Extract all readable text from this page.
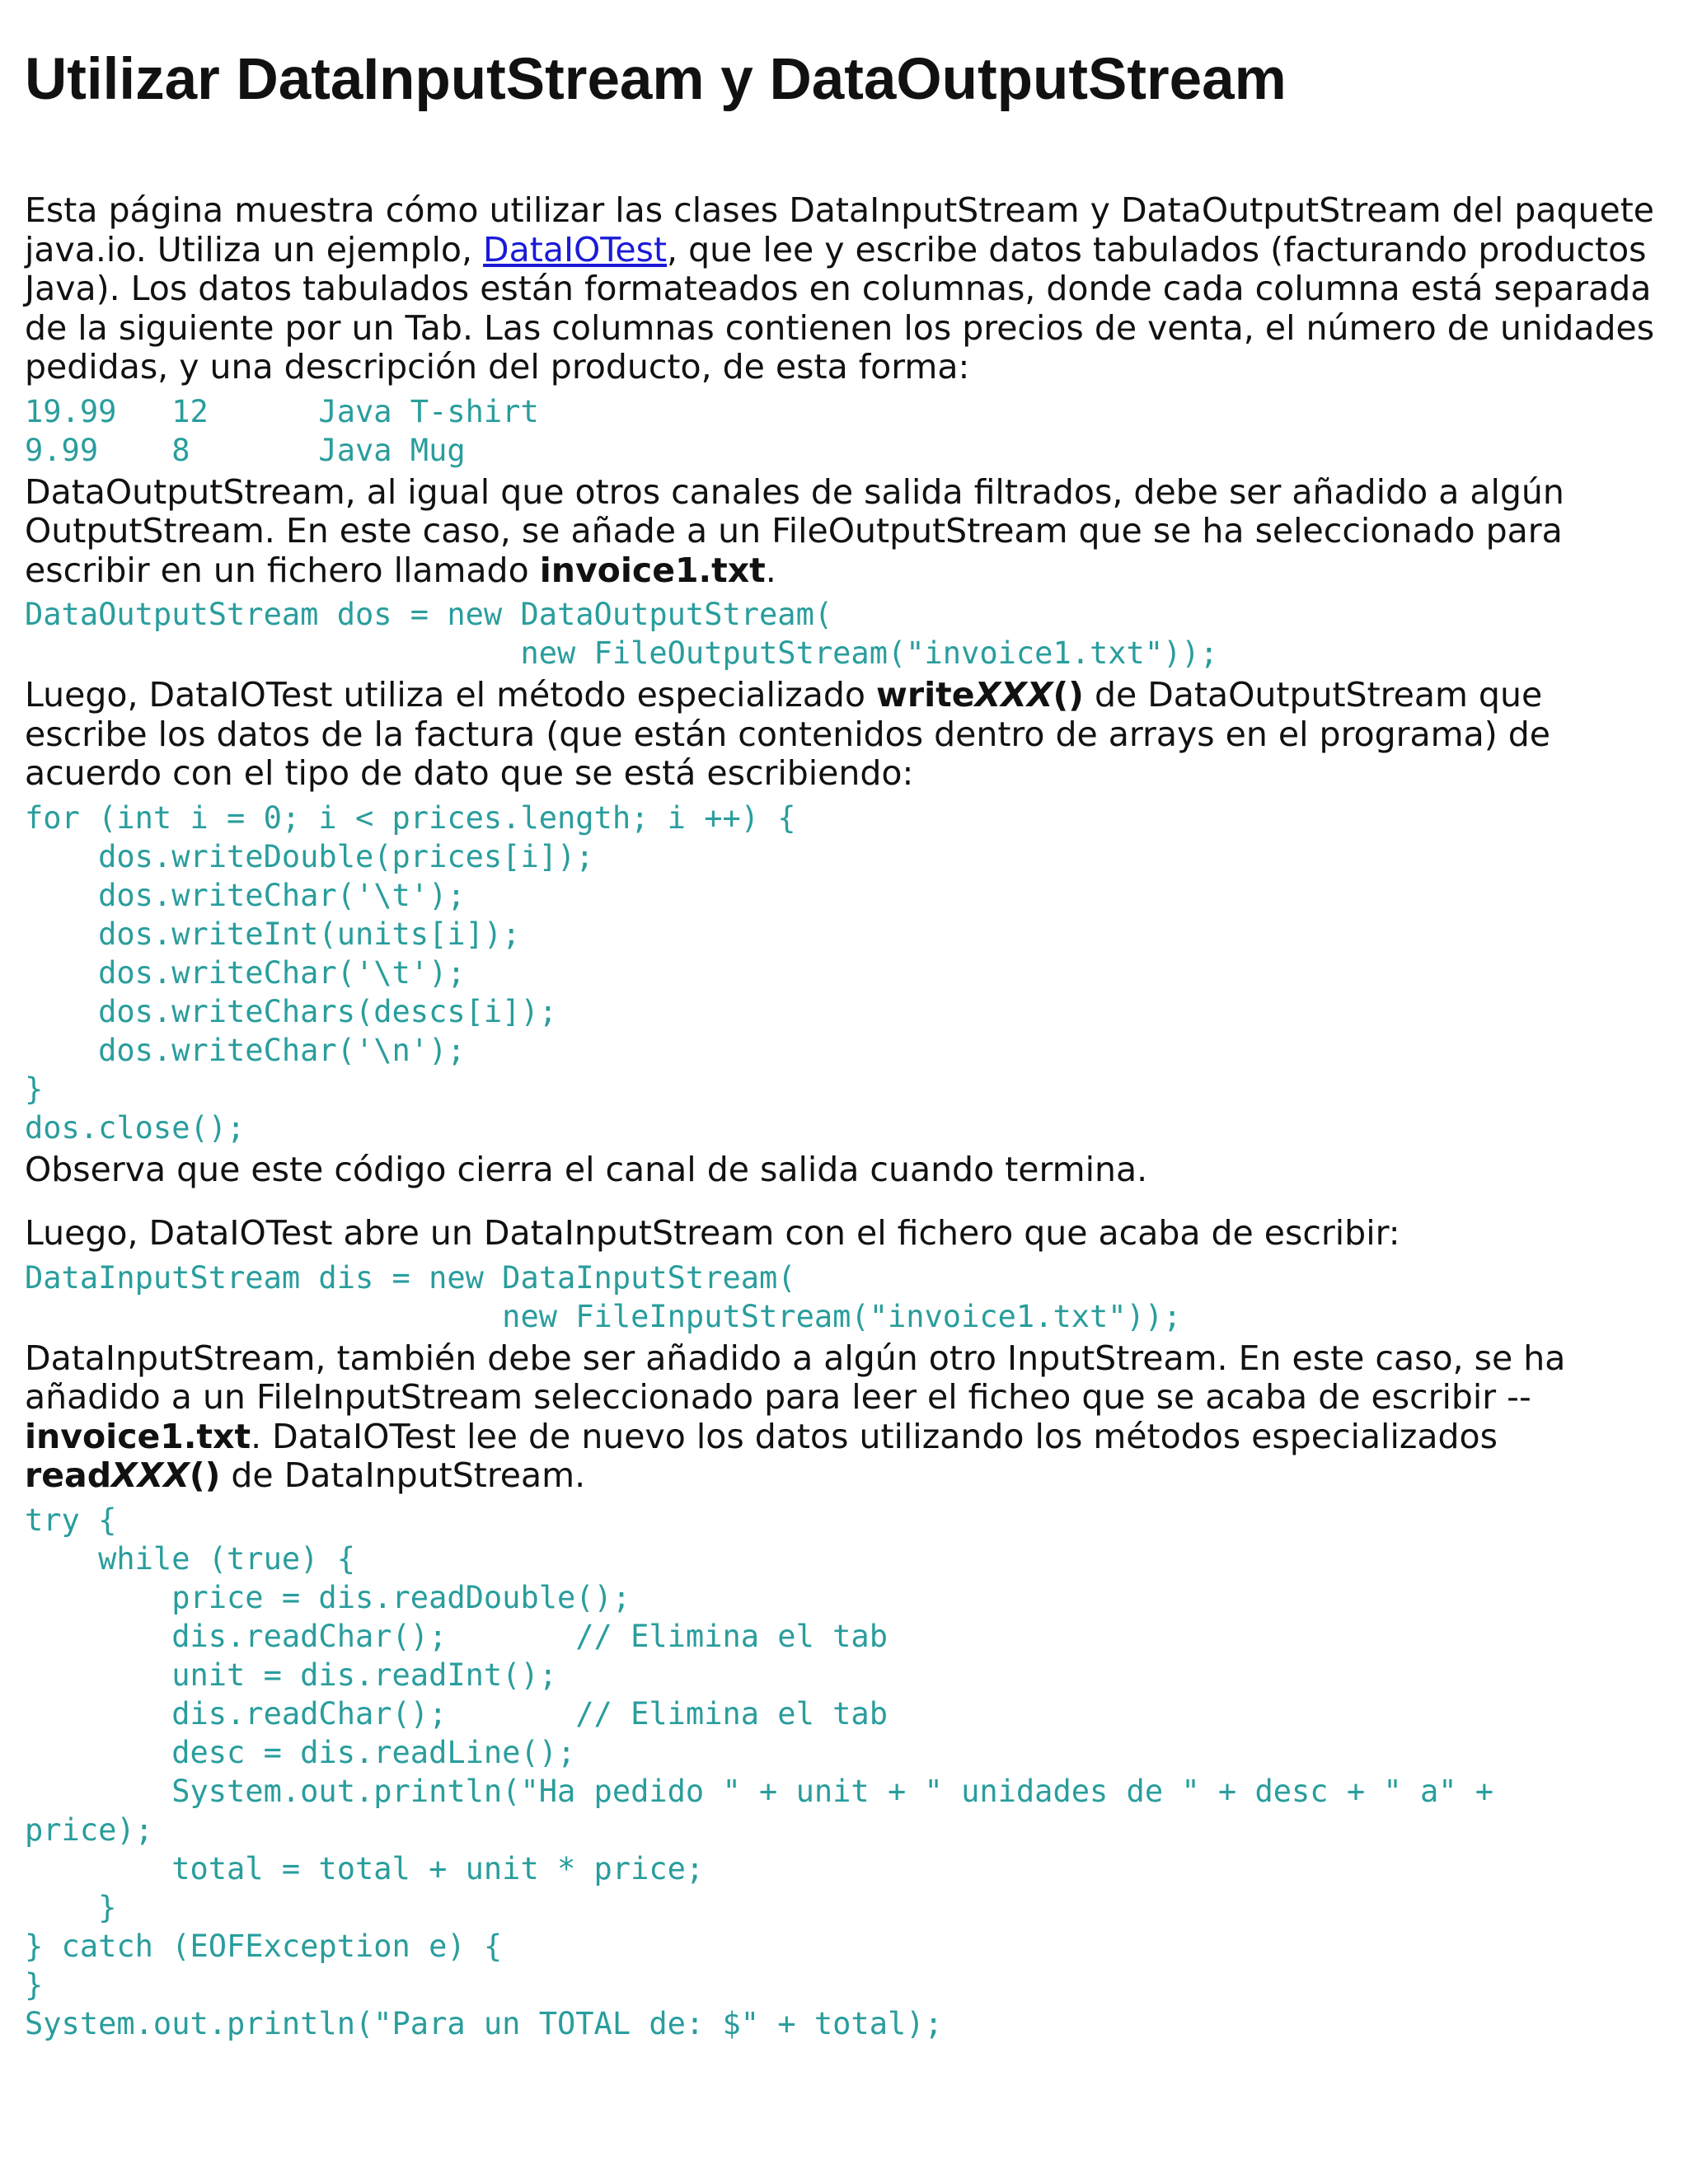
Utilizar DataInputStream y DataOutputStream

Esta página muestra cómo utilizar las clases DataInputStream y DataOutputStream del paquete java.io. Utiliza un ejemplo, DataIOTest, que lee y escribe datos tabulados (facturando productos Java). Los datos tabulados están formateados en columnas, donde cada columna está separada de la siguiente por un Tab. Las columnas contienen los precios de venta, el número de unidades pedidas, y una descripción del producto, de esta forma:

19.99   12      Java T-shirt
9.99    8       Java Mug

DataOutputStream, al igual que otros canales de salida filtrados, debe ser añadido a algún OutputStream. En este caso, se añade a un FileOutputStream que se ha seleccionado para escribir en un fichero llamado invoice1.txt.

DataOutputStream dos = new DataOutputStream(
new FileOutputStream("invoice1.txt"));

Luego, DataIOTest utiliza el método especializado writeXXX() de DataOutputStream que escribe los datos de la factura (que están contenidos dentro de arrays en el programa) de acuerdo con el tipo de dato que se está escribiendo:

for (int i = 0; i < prices.length; i ++) {
dos.writeDouble(prices[i]);
dos.writeChar('\t');
dos.writeInt(units[i]);
dos.writeChar('\t');
dos.writeChars(descs[i]);
dos.writeChar('\n');
}
dos.close();

Observa que este código cierra el canal de salida cuando termina.

Luego, DataIOTest abre un DataInputStream con el fichero que acaba de escribir:

DataInputStream dis = new DataInputStream(
new FileInputStream("invoice1.txt"));

DataInputStream, también debe ser añadido a algún otro InputStream. En este caso, se ha añadido a un FileInputStream seleccionado para leer el ficheo que se acaba de escribir --invoice1.txt. DataIOTest lee de nuevo los datos utilizando los métodos especializados readXXX() de DataInputStream.

try {
while (true) {
price = dis.readDouble();
dis.readChar();       // Elimina el tab
unit = dis.readInt();
dis.readChar();       // Elimina el tab
desc = dis.readLine();
System.out.println("Ha pedido " + unit + " unidades de " + desc + " a" +
price);
total = total + unit * price;
}
} catch (EOFException e) {
}
System.out.println("Para un TOTAL de: $" + total);
